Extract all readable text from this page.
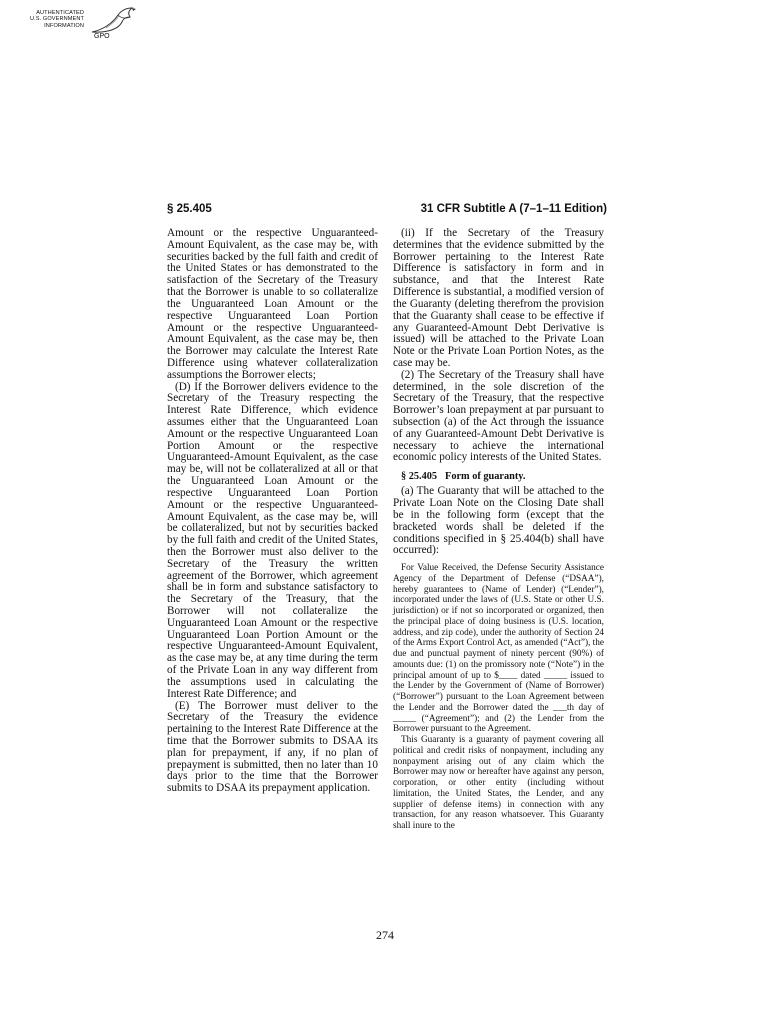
AUTHENTICATED
U.S. GOVERNMENT
INFORMATION
GPO
§ 25.405	31 CFR Subtitle A (7–1–11 Edition)

Amount or the respective Unguaranteed-Amount Equivalent, as the case may be, with securities backed by the full faith and credit of the United States or has demonstrated to the satisfaction of the Secretary of the Treasury that the Borrower is unable to so collateralize the Unguaranteed Loan Amount or the respective Unguaranteed Loan Portion Amount or the respective Unguaranteed-Amount Equivalent, as the case may be, then the Borrower may calculate the Interest Rate Difference using whatever collateralization assumptions the Borrower elects;

(D) If the Borrower delivers evidence to the Secretary of the Treasury respecting the Interest Rate Difference, which evidence assumes either that the Unguaranteed Loan Amount or the respective Unguaranteed Loan Portion Amount or the respective Unguaranteed-Amount Equivalent, as the case may be, will not be collateralized at all or that the Unguaranteed Loan Amount or the respective Unguaranteed Loan Portion Amount or the respective Unguaranteed-Amount Equivalent, as the case may be, will be collateralized, but not by securities backed by the full faith and credit of the United States, then the Borrower must also deliver to the Secretary of the Treasury the written agreement of the Borrower, which agreement shall be in form and substance satisfactory to the Secretary of the Treasury, that the Borrower will not collateralize the Unguaranteed Loan Amount or the respective Unguaranteed Loan Portion Amount or the respective Unguaranteed-Amount Equivalent, as the case may be, at any time during the term of the Private Loan in any way different from the assumptions used in calculating the Interest Rate Difference; and

(E) The Borrower must deliver to the Secretary of the Treasury the evidence pertaining to the Interest Rate Difference at the time that the Borrower submits to DSAA its plan for prepayment, if any, if no plan of prepayment is submitted, then no later than 10 days prior to the time that the Borrower submits to DSAA its prepayment application.

(ii) If the Secretary of the Treasury determines that the evidence submitted by the Borrower pertaining to the Interest Rate Difference is satisfactory in form and in substance, and that the Interest Rate Difference is substantial, a modified version of the Guaranty (deleting therefrom the provision that the Guaranty shall cease to be effective if any Guaranteed-Amount Debt Derivative is issued) will be attached to the Private Loan Note or the Private Loan Portion Notes, as the case may be.

(2) The Secretary of the Treasury shall have determined, in the sole discretion of the Secretary of the Treasury, that the respective Borrower’s loan prepayment at par pursuant to subsection (a) of the Act through the issuance of any Guaranteed-Amount Debt Derivative is necessary to achieve the international economic policy interests of the United States.

§ 25.405 Form of guaranty.

(a) The Guaranty that will be attached to the Private Loan Note on the Closing Date shall be in the following form (except that the bracketed words shall be deleted if the conditions specified in § 25.404(b) shall have occurred):

For Value Received, the Defense Security Assistance Agency of the Department of Defense (“DSAA”), hereby guarantees to (Name of Lender) (“Lender”), incorporated under the laws of (U.S. State or other U.S. jurisdiction) or if not so incorporated or organized, then the principal place of doing business is (U.S. location, address, and zip code), under the authority of Section 24 of the Arms Export Control Act, as amended (“Act”), the due and punctual payment of ninety percent (90%) of amounts due: (1) on the promissory note (“Note”) in the principal amount of up to $____ dated _____ issued to the Lender by the Government of (Name of Borrower) (“Borrower”) pursuant to the Loan Agreement between the Lender and the Borrower dated the ___th day of _____ (“Agreement”); and (2) the Lender from the Borrower pursuant to the Agreement.

This Guaranty is a guaranty of payment covering all political and credit risks of nonpayment, including any nonpayment arising out of any claim which the Borrower may now or hereafter have against any person, corporation, or other entity (including without limitation, the United States, the Lender, and any supplier of defense items) in connection with any transaction, for any reason whatsoever. This Guaranty shall inure to the

274
